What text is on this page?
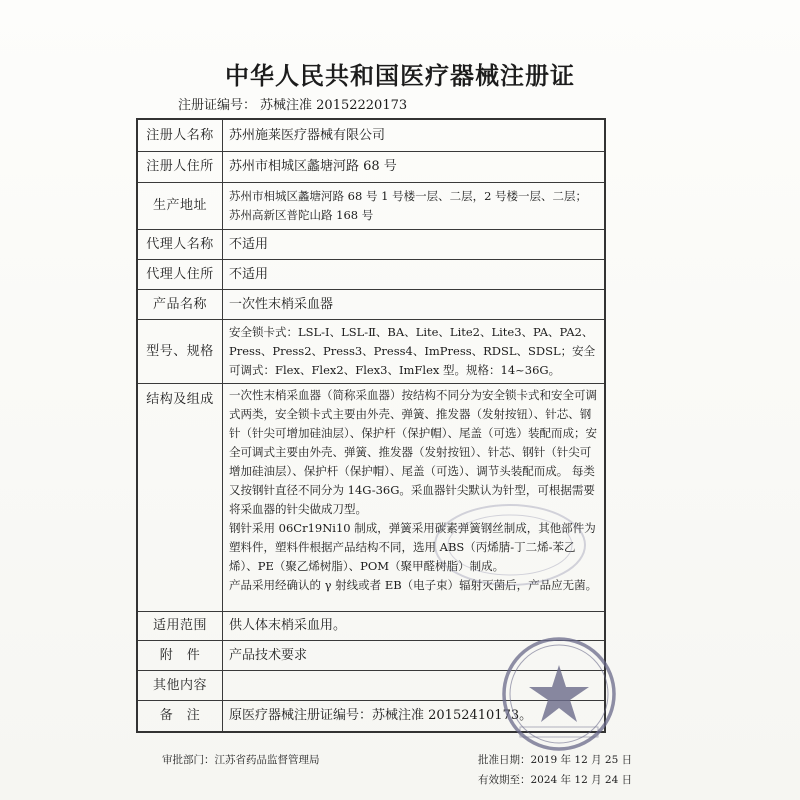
中华人民共和国医疗器械注册证
注册证编号： 苏械注准 20152220173
注册人名称	苏州施莱医疗器械有限公司
注册人住所	苏州市相城区蠡塘河路 68 号
生产地址	苏州市相城区蠡塘河路 68 号 1 号楼一层、二层，2 号楼一层、二层；
苏州高新区普陀山路 168 号

代理人名称	不适用
代理人住所	不适用
产品名称	一次性末梢采血器
型号、规格	安全锁卡式：LSL-Ⅰ、LSL-Ⅱ、BA、Lite、Lite2、Lite3、PA、PA2、Press、Press2、Press3、Press4、ImPress、RDSL、SDSL；安全可调式：Flex、Flex2、Flex3、ImFlex 型。规格：14~36G。
结构及组成	一次性末梢采血器（简称采血器）按结构不同分为安全锁卡式和安全可调式两类，安全锁卡式主要由外壳、弹簧、推发器（发射按钮）、针芯、钢针（针尖可增加硅油层）、保护杆（保护帽）、尾盖（可选）装配而成；安全可调式主要由外壳、弹簧、推发器（发射按钮）、针芯、钢针（针尖可增加硅油层）、保护杆（保护帽）、尾盖（可选）、调节头装配而成。 每类又按钢针直径不同分为 14G-36G。采血器针尖默认为针型，可根据需要将采血器的针尖做成刀型。
钢针采用 06Cr19Ni10 制成，弹簧采用碳素弹簧钢丝制成，其他部件为塑料件，塑料件根据产品结构不同，选用 ABS（丙烯腈-丁二烯-苯乙烯）、PE（聚乙烯树脂）、POM（聚甲醛树脂）制成。
产品采用经确认的 γ 射线或者 EB（电子束）辐射灭菌后，产品应无菌。

适用范围	供人体末梢采血用。
附　件	产品技术要求
其他内容	
备　注	原医疗器械注册证编号：苏械注准 20152410173。
审批部门：江苏省药品监督管理局	批准日期：2019 年 12 月 25 日
有效期至：2024 年 12 月 24 日
